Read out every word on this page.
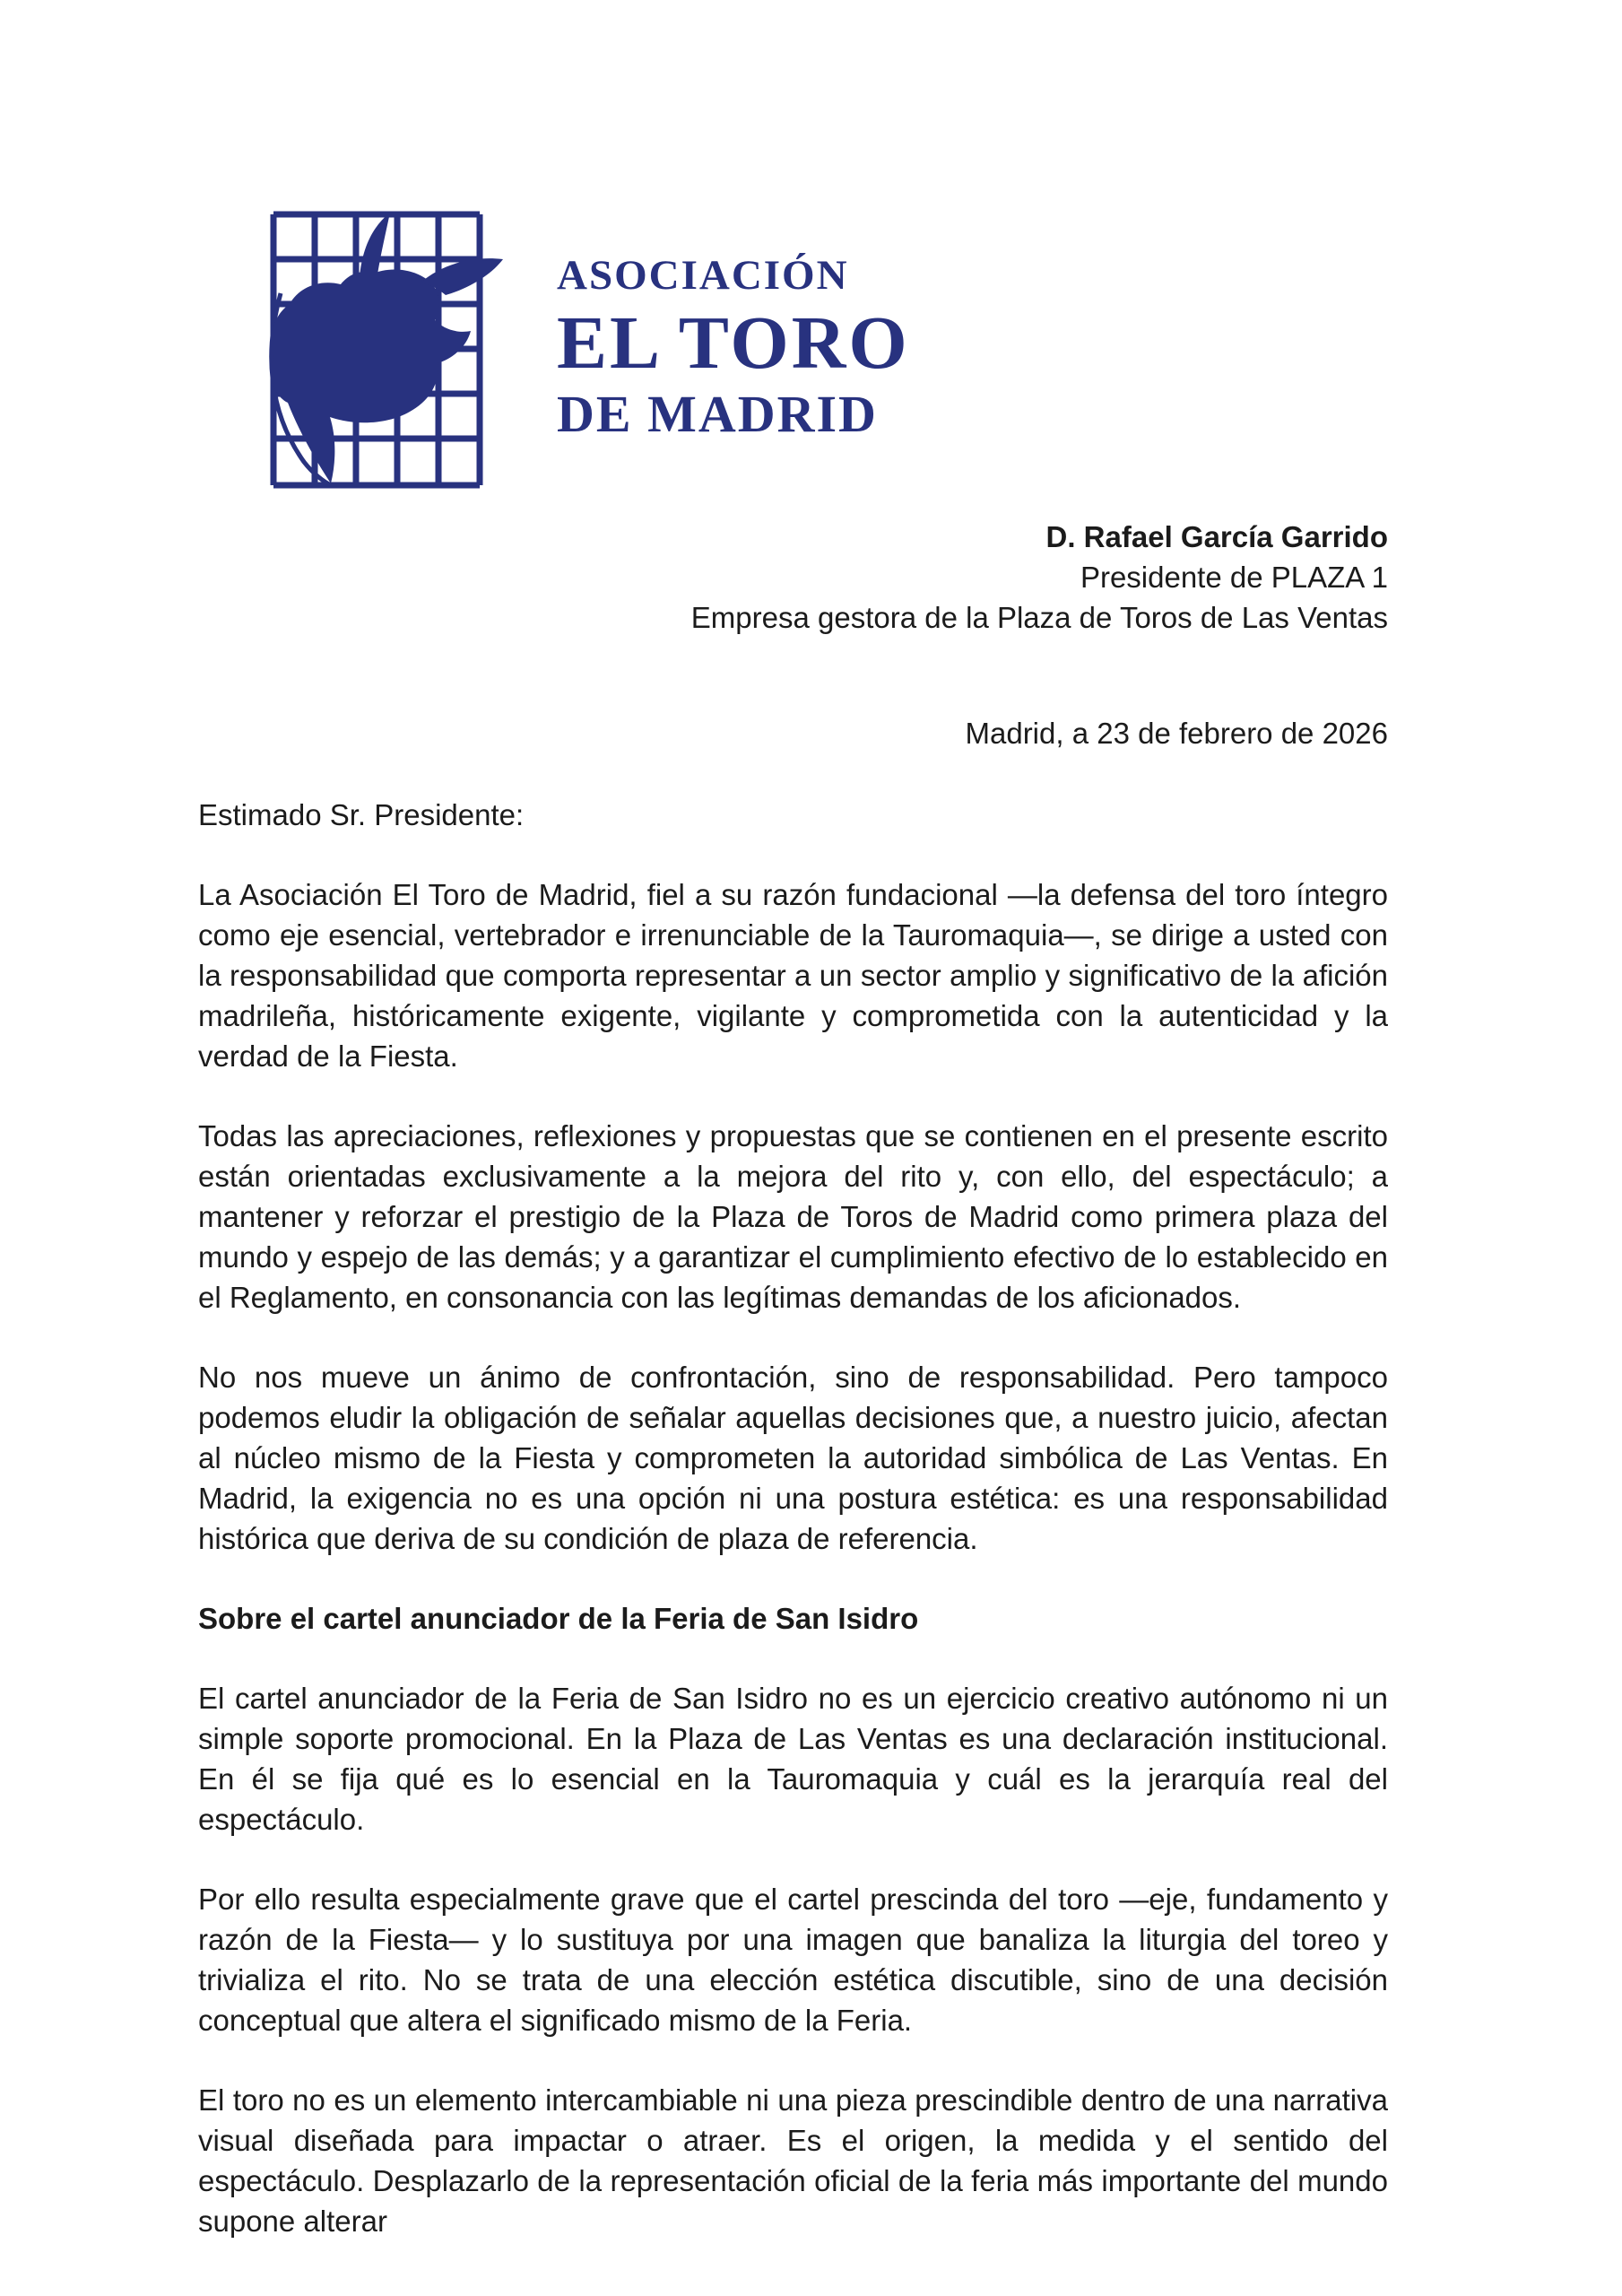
ASOCIACIÓN
EL TORO
DE MADRID
D. Rafael García Garrido
Presidente de PLAZA 1
Empresa gestora de la Plaza de Toros de Las Ventas
Madrid, a 23 de febrero de 2026
Estimado Sr. Presidente:

La Asociación El Toro de Madrid, fiel a su razón fundacional —la defensa del toro íntegro como eje esencial, vertebrador e irrenunciable de la Tauromaquia—, se dirige a usted con la responsabilidad que comporta representar a un sector amplio y significativo de la afición madrileña, históricamente exigente, vigilante y comprometida con la autenticidad y la verdad de la Fiesta.

Todas las apreciaciones, reflexiones y propuestas que se contienen en el presente escrito están orientadas exclusivamente a la mejora del rito y, con ello, del espectáculo; a mantener y reforzar el prestigio de la Plaza de Toros de Madrid como primera plaza del mundo y espejo de las demás; y a garantizar el cumplimiento efectivo de lo establecido en el Reglamento, en consonancia con las legítimas demandas de los aficionados.

No nos mueve un ánimo de confrontación, sino de responsabilidad. Pero tampoco podemos eludir la obligación de señalar aquellas decisiones que, a nuestro juicio, afectan al núcleo mismo de la Fiesta y comprometen la autoridad simbólica de Las Ventas. En Madrid, la exigencia no es una opción ni una postura estética: es una responsabilidad histórica que deriva de su condición de plaza de referencia.

Sobre el cartel anunciador de la Feria de San Isidro

El cartel anunciador de la Feria de San Isidro no es un ejercicio creativo autónomo ni un simple soporte promocional. En la Plaza de Las Ventas es una declaración institucional. En él se fija qué es lo esencial en la Tauromaquia y cuál es la jerarquía real del espectáculo.

Por ello resulta especialmente grave que el cartel prescinda del toro —eje, fundamento y razón de la Fiesta— y lo sustituya por una imagen que banaliza la liturgia del toreo y trivializa el rito. No se trata de una elección estética discutible, sino de una decisión conceptual que altera el significado mismo de la Feria.

El toro no es un elemento intercambiable ni una pieza prescindible dentro de una narrativa visual diseñada para impactar o atraer. Es el origen, la medida y el sentido del espectáculo. Desplazarlo de la representación oficial de la feria más importante del mundo supone alterar
